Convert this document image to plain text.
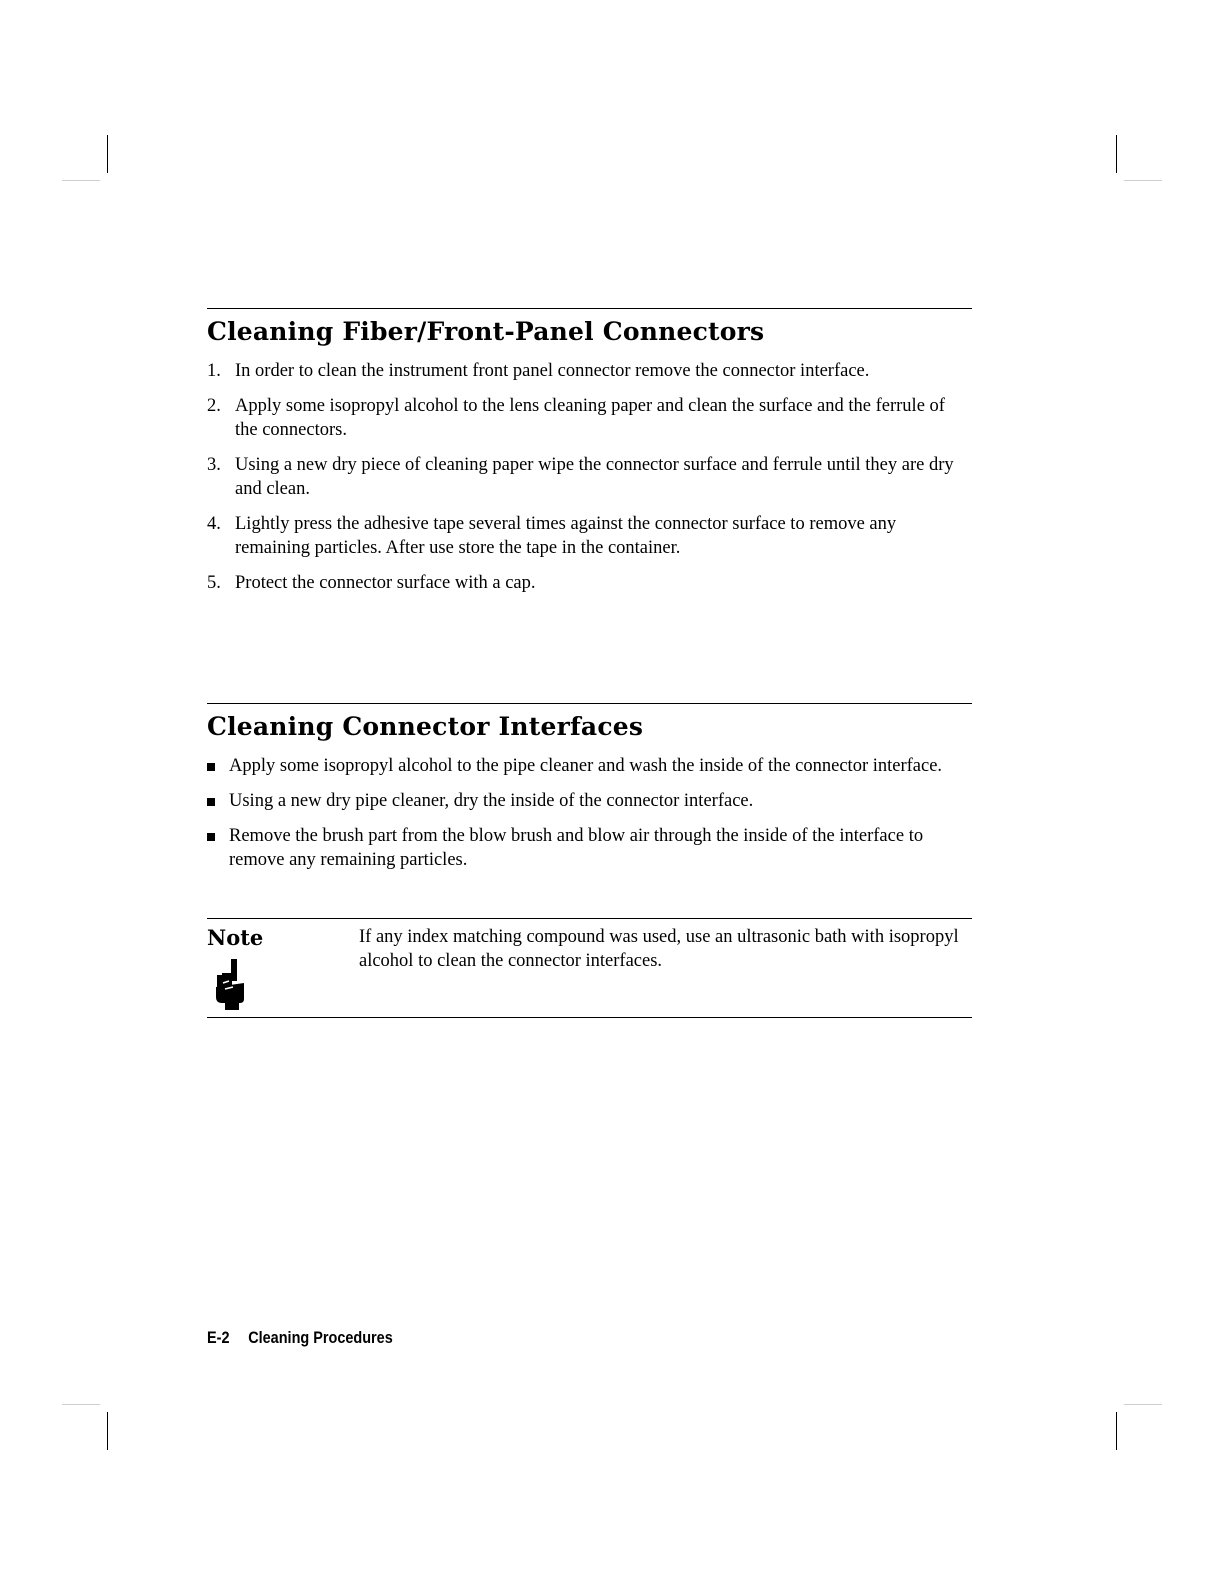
Cleaning Fiber/Front-Panel Connectors
1. In order to clean the instrument front panel connector remove the connector interface.
2. Apply some isopropyl alcohol to the lens cleaning paper and clean the surface and the ferrule of the connectors.
3. Using a new dry piece of cleaning paper wipe the connector surface and ferrule until they are dry and clean.
4. Lightly press the adhesive tape several times against the connector surface to remove any remaining particles. After use store the tape in the container.
5. Protect the connector surface with a cap.
Cleaning Connector Interfaces
Apply some isopropyl alcohol to the pipe cleaner and wash the inside of the connector interface.
Using a new dry pipe cleaner, dry the inside of the connector interface.
Remove the brush part from the blow brush and blow air through the inside of the interface to remove any remaining particles.
Note	If any index matching compound was used, use an ultrasonic bath with isopropyl alcohol to clean the connector interfaces.
E-2 Cleaning Procedures
